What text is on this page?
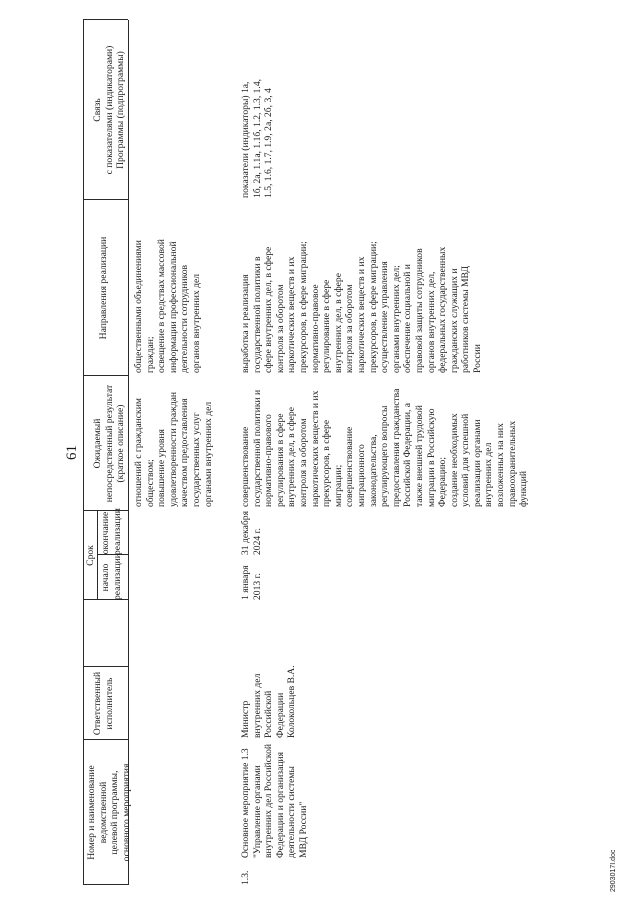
61
Номер и наименование
ведомственной
целевой программы,
основного мероприятия
Ответственный
исполнитель
Срок
начало
реализации
окончание
реализации
Ожидаемый
непосредственный результат
(краткое описание)
Направления реализации
Связь
с показателями (индикаторами)
Программы (подпрограммы)
отношений с гражданским
обществом;
повышение уровня
удовлетворенности граждан
качеством предоставления
государственных услуг
органами внутренних дел
общественными объединениями
граждан;
освещение в средствах массовой
информации профессиональной
деятельности сотрудников
органов внутренних дел
1.3.
Основное мероприятие 1.3
"Управление органами
внутренних дел Российской
Федерации и организация
деятельности системы
МВД России"
Министр
внутренних дел
Российской
Федерации
Колокольцев В.А.
1 января
2013 г.
31 декабря
2024 г.
совершенствование
государственной политики и
нормативно-правового
регулирования в сфере
внутренних дел, в сфере
контроля за оборотом
наркотических веществ и их
прекурсоров, в сфере
миграции;
совершенствование
миграционного
законодательства,
регулирующего вопросы
предоставления гражданства
Российской Федерации, а
также внешней трудовой
миграции в Российскую
Федерацию;
создание необходимых
условий для успешной
реализации органами
внутренних дел
возложенных на них
правоохранительных
функций
выработка и реализация
государственной политики в
сфере внутренних дел, в сфере
контроля за оборотом
наркотических веществ и их
прекурсоров, в сфере миграции;
нормативно-правовое
регулирование в сфере
внутренних дел, в сфере
контроля за оборотом
наркотических веществ и их
прекурсоров, в сфере миграции;
осуществление управления
органами внутренних дел;
обеспечение социальной и
правовой защиты сотрудников
органов внутренних дел,
федеральных государственных
гражданских служащих и
работников системы МВД
России
показатели (индикаторы) 1а,
1б, 2а, 1.1а, 1.1б, 1.2, 1.3, 1.4,
1.5, 1.6, 1.7, 1.9, 2а, 2б, 3, 4
2903017I.doc
